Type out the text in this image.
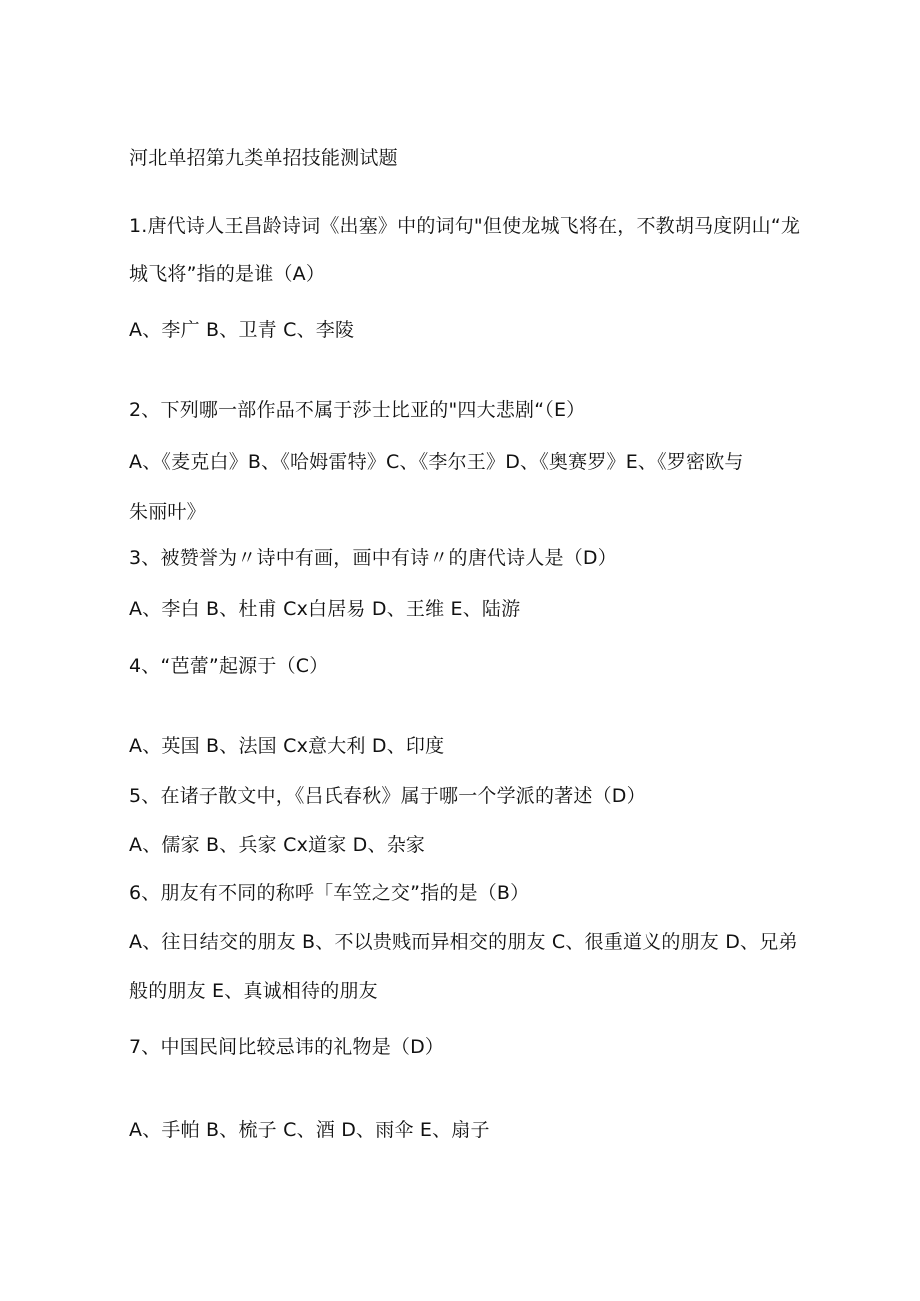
河北单招第九类单招技能测试题
1.唐代诗人王昌龄诗词《出塞》中的词句"但使龙城飞将在，不教胡马度阴山“龙
城飞将”指的是谁（A）
A、李广 B、卫青 C、李陵
2、下列哪一部作品不属于莎士比亚的"四大悲剧“（E）
A、《麦克白》B、《哈姆雷特》C、《李尔王》D、《奥赛罗》E、《罗密欧与
朱丽叶》
3、被赞誉为〃诗中有画，画中有诗〃的唐代诗人是（D）
A、李白 B、杜甫 Cx白居易 D、王维 E、陆游
4、“芭蕾”起源于（C）
A、英国 B、法国 Cx意大利 D、印度
5、在诸子散文中，《吕氏春秋》属于哪一个学派的著述（D）
A、儒家 B、兵家 Cx道家 D、杂家
6、朋友有不同的称呼「车笠之交”指的是（B）
A、往日结交的朋友 B、不以贵贱而异相交的朋友 C、很重道义的朋友 D、兄弟
般的朋友 E、真诚相待的朋友
7、中国民间比较忌讳的礼物是（D）
A、手帕 B、梳子 C、酒 D、雨伞 E、扇子
